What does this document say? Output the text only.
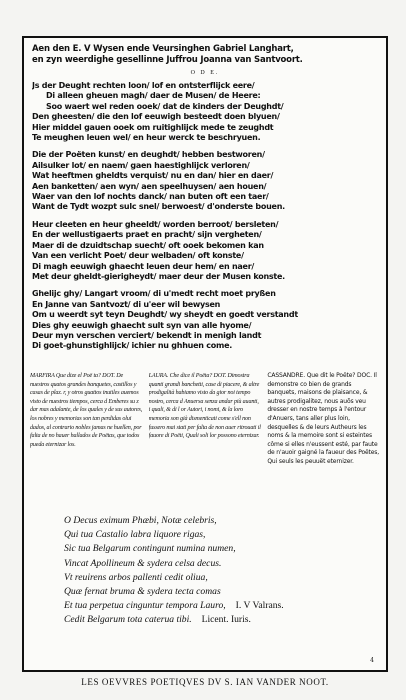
Aen den E. V Wysen ende Veursinghen Gabriel Langhart,
en zyn weerdighe gesellinne Juffrou Joanna van Santvoort.
O D E.
Js der Deught rechten loon/ lof en ontsterflijck eere/
Di alleen gheuen magh/ daer de Musen/ de Heere:
Soo waert wel reden ooek/ dat de kinders der Deughdt/
Den gheesten/ die den lof eeuwigh besteedt doen blyuen/
Hier middel gauen ooek om ruitighlijck mede te zeughdt
Te meughen leuen wel/ en heur werck te beschryuen.
Die der Poëten kunst/ en deughdt/ hebben bestworen/
Ailsulker lot/ en naem/ gaen haestighlijck verloren/
Wat heeftmen gheldts verquist/ nu en dan/ hier en daer/
Aen banketten/ aen wyn/ aen speelhuysen/ aen houen/
Waer van den lof nochts danck/ nan buten oft een taer/
Want de Tydt wozpt sulc snel/ berwoest/ d'onderste bouen.
Heur cleeten en heur gheeldt/ worden berroot/ bersleten/
En der wellustigaerts praet en pracht/ sijn vergheten/
Maer di de dzuidtschap suecht/ oft ooek bekomen kan
Van een verlicht Poet/ deur welbaden/ oft konste/
Di magh eeuwigh ghaecht leuen deur hem/ en naer/
Met deur gheldt-gierigheydt/ maer deur der Musen konste.
Ghelijc ghy/ Langart vroom/ di u'medt recht moet pryßen
En Janne van Santvozt/ di u'eer wil bewysen
Om u weerdt syt teyn Deughdt/ wy sheydt en goedt verstandt
Dies ghy eeuwigh ghaecht sult syn van alle hyome/
Deur myn verschen verciert/ bekendt in menigh landt
Di goet-ghunstighlijck/ ichier nu ghhuen come.
MARFIRA Que dize el Poë ta? DOT. De nuestros quatos grandes banquetes, castillos y casas de plaz. r, y otros guattos inutiles auemos visto de nuestros tiempos, cerca d Emberes su z dar mas adalante, de los quales y de sus autores, los nobres y memorias son tan perdidas olui dados, al contrario nobles jamas ne huellen, por falta de no hauer hallados de Poëtas, que todos pueda eternizar los.
LAURA. Che dice il Poëta? DOT. Dimostra quanti grandi banchetti, case di piacere, & altre prodigalità habiamo visto da gior noi tempo nostro, cerca d Anuersa senza andar più auanti, i quali, & di l or Autori, i nomi, & la loro memoria son già dismenticati come s'ell non fussero mai stati per falta de non auer ritrouati il fauore di Poëti, Quali soli lor possono eternizar.
CASSANDRE. Que dit le Poëte? DOC. Il demonstre co bien de grands banquets, maisons de plaisance, & autres prodigalitez, nous auõs veu dresser en nostre temps à l'entour d'Anuers, tans aller plus loin, desquelles & de leurs Autheurs les noms & la memoire sont si esteintes côme si elles n'eussent esté, par faute de n'auoir gaigné la faueur des Poëtes, Qui seuls les peuuët eternizer.
O Decus eximum Phæbi, Notæ celebris,
Qui tua Castalio labra liquore rigas,
Sic tua Belgarum contingunt numina numen,
Vincat Apollineum & sydera celsa decus.
Vt reuirens arbos pallenti cedit oliua,
Quæ fernat bruma & sydera tecta comas
Et tua perpetua cinguntur tempora Lauro, I. V Valrans.
Cedit Belgarum tota caterua tibi. Licent. Iuris.
4
LES OEVVRES POETIQVES DV S. IAN VANDER NOOT.
